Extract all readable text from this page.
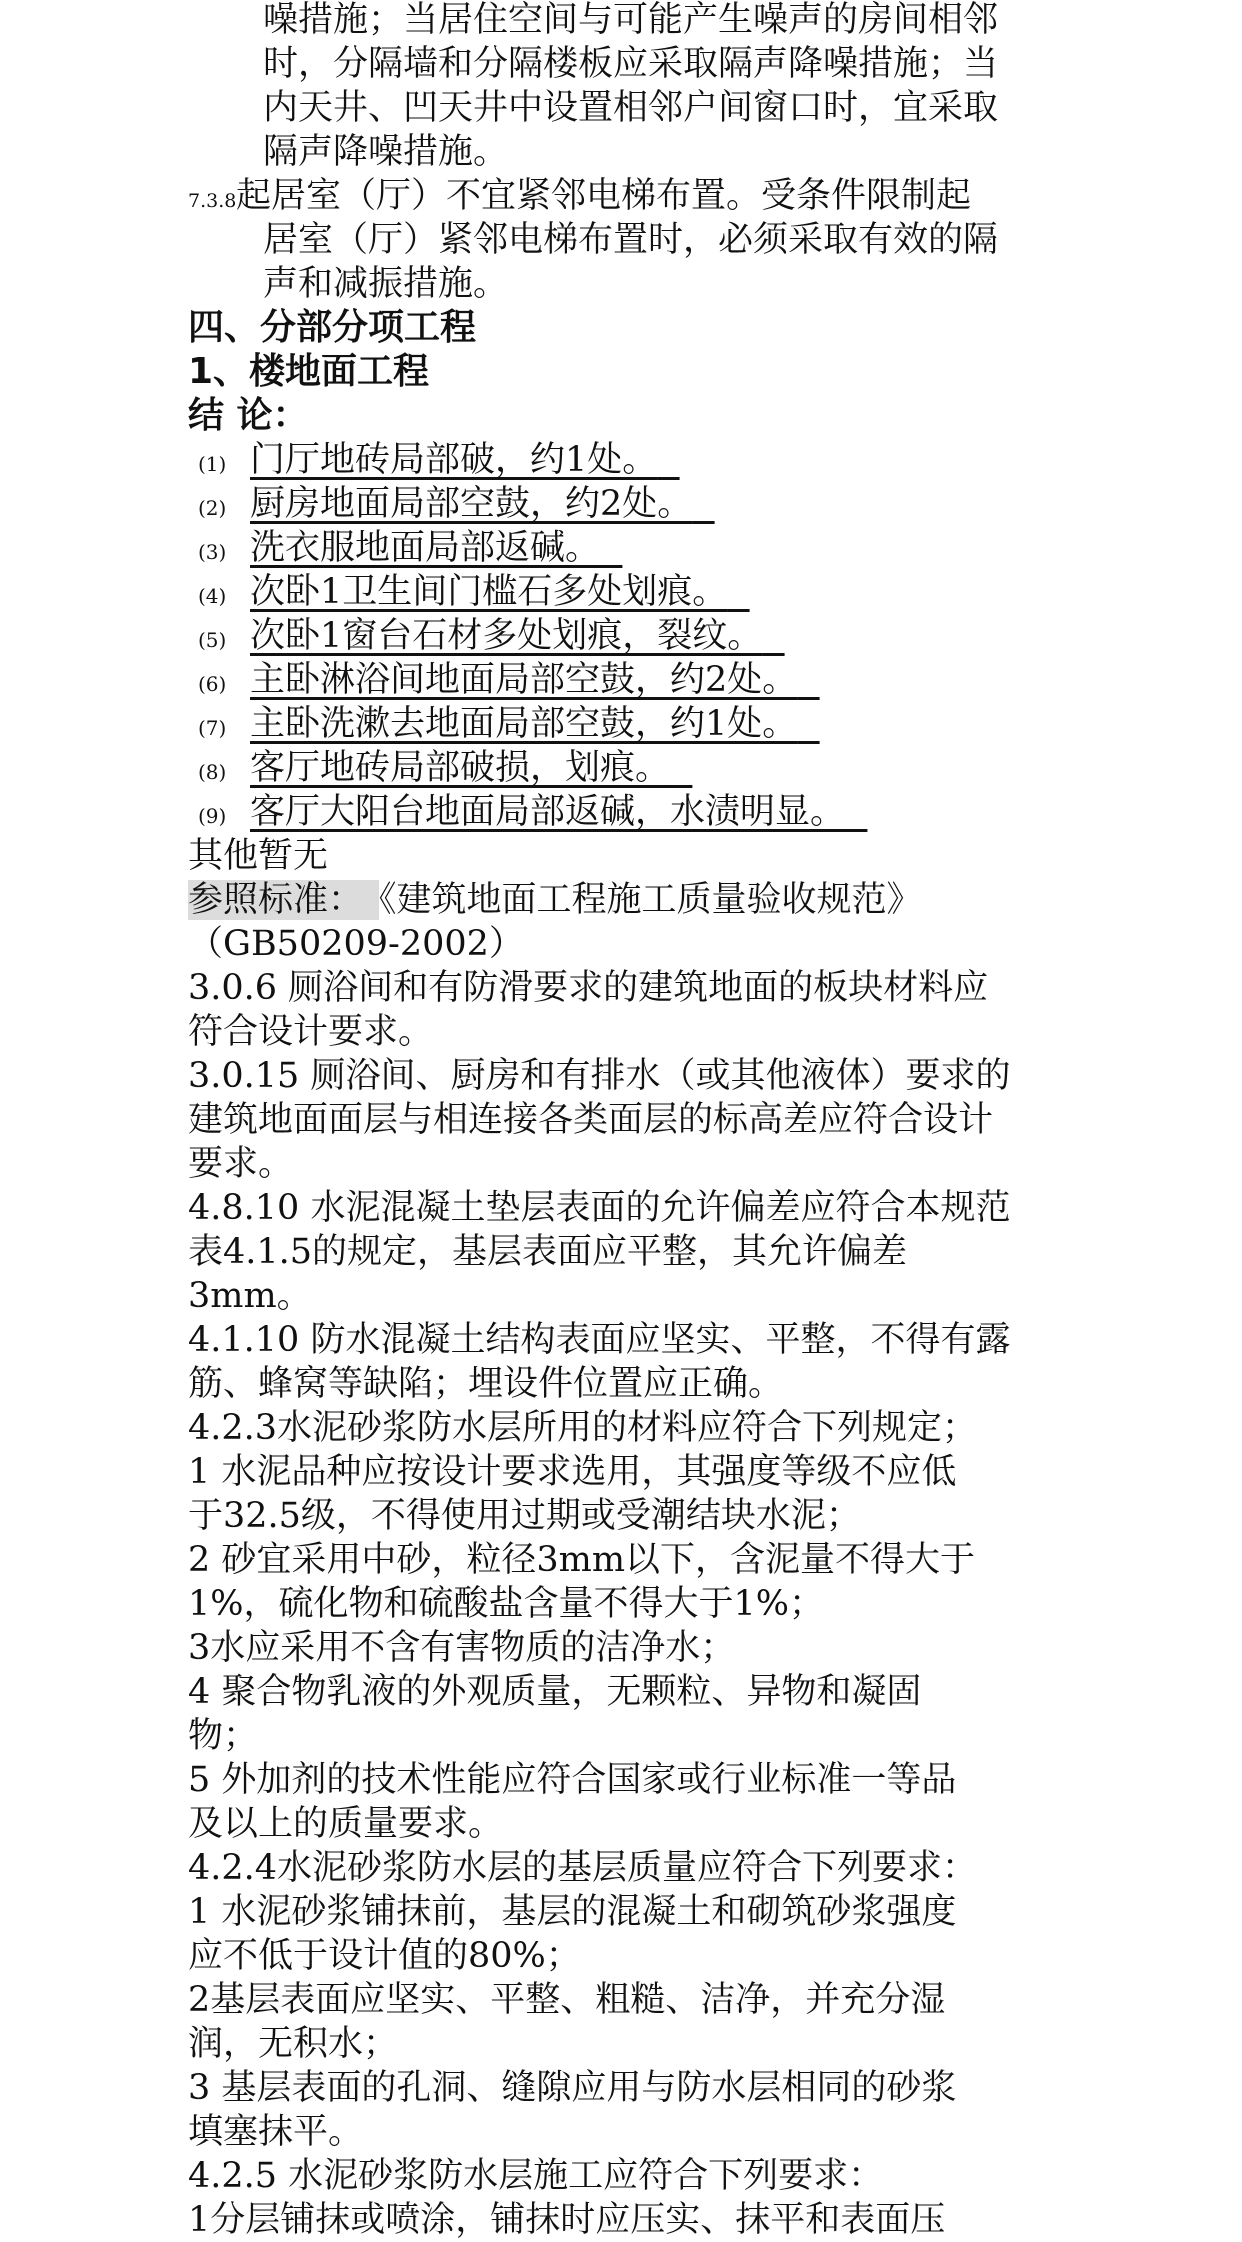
噪措施；当居住空间与可能产生噪声的房间相邻
时，分隔墙和分隔楼板应采取隔声降噪措施；当
内天井、凹天井中设置相邻户间窗口时，宜采取
隔声降噪措施。
7.3.8起居室（厅）不宜紧邻电梯布置。受条件限制起
居室（厅）紧邻电梯布置时，必须采取有效的隔
声和减振措施。
四、分部分项工程
1、楼地面工程
结 论：
(1) 门厅地砖局部破，约1处。
(2) 厨房地面局部空鼓，约2处。
(3) 洗衣服地面局部返碱。
(4) 次卧1卫生间门槛石多处划痕。
(5) 次卧1窗台石材多处划痕，裂纹。
(6) 主卧淋浴间地面局部空鼓，约2处。
(7) 主卧洗漱去地面局部空鼓，约1处。
(8) 客厅地砖局部破损，划痕。
(9) 客厅大阳台地面局部返碱，水渍明显。
其他暂无
参照标准： 《建筑地面工程施工质量验收规范》
（GB50209-2002）
3.0.6 厕浴间和有防滑要求的建筑地面的板块材料应
符合设计要求。
3.0.15 厕浴间、厨房和有排水（或其他液体）要求的
建筑地面面层与相连接各类面层的标高差应符合设计
要求。
4.8.10 水泥混凝土垫层表面的允许偏差应符合本规范
表4.1.5的规定，基层表面应平整，其允许偏差
3mm。
4.1.10 防水混凝土结构表面应坚实、平整，不得有露
筋、蜂窝等缺陷；埋设件位置应正确。
4.2.3水泥砂浆防水层所用的材料应符合下列规定；
1 水泥品种应按设计要求选用，其强度等级不应低
于32.5级，不得使用过期或受潮结块水泥；
2 砂宜采用中砂，粒径3mm以下，含泥量不得大于
1%，硫化物和硫酸盐含量不得大于1%；
3水应采用不含有害物质的洁净水；
4 聚合物乳液的外观质量，无颗粒、异物和凝固
物；
5 外加剂的技术性能应符合国家或行业标准一等品
及以上的质量要求。
4.2.4水泥砂浆防水层的基层质量应符合下列要求：
1 水泥砂浆铺抹前，基层的混凝土和砌筑砂浆强度
应不低于设计值的80%；
2基层表面应坚实、平整、粗糙、洁净，并充分湿
润，无积水；
3 基层表面的孔洞、缝隙应用与防水层相同的砂浆
填塞抹平。
4.2.5 水泥砂浆防水层施工应符合下列要求：
1分层铺抹或喷涂，铺抹时应压实、抹平和表面压
